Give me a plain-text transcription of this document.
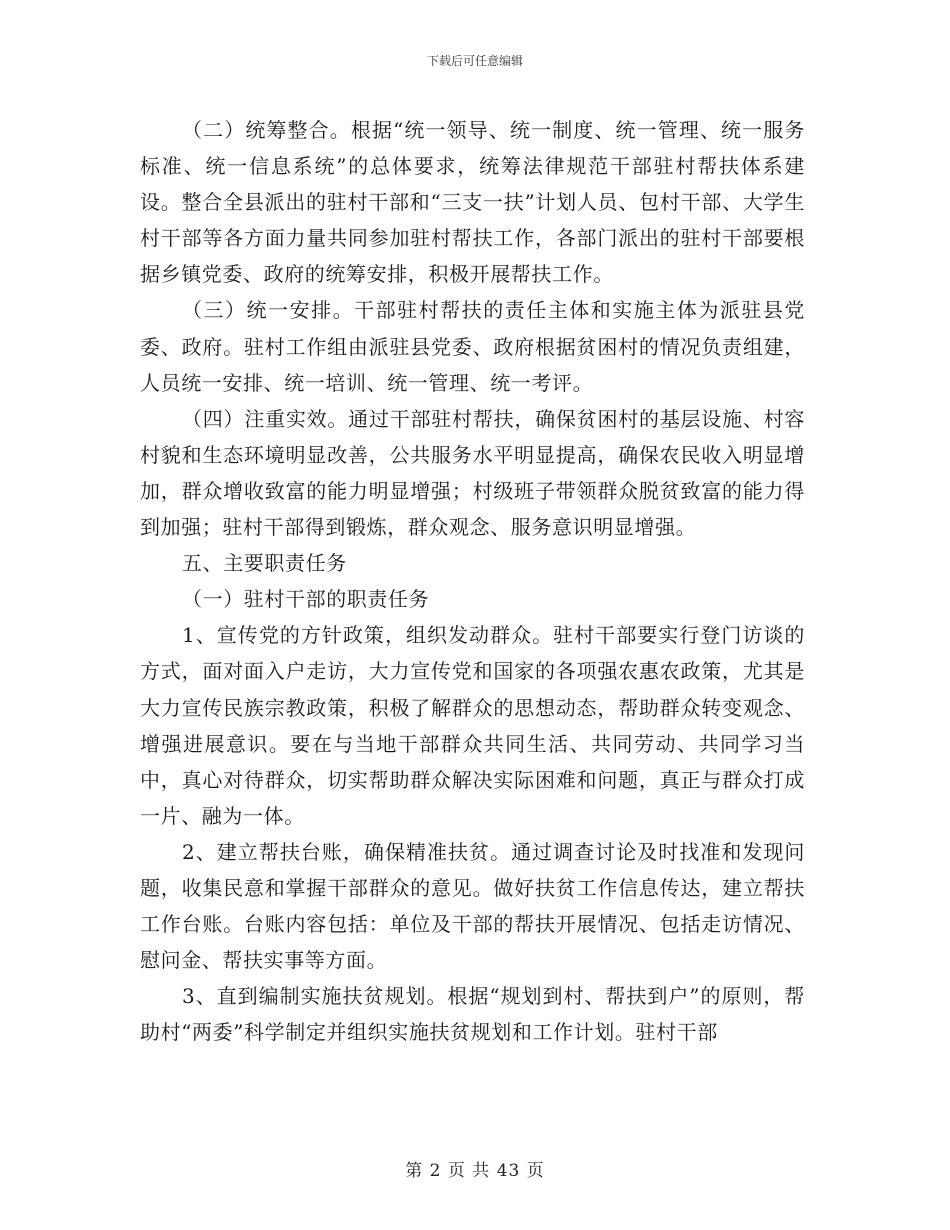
下载后可任意编辑

（二）统筹整合。根据“统一领导、统一制度、统一管理、统一服务标准、统一信息系统”的总体要求，统筹法律规范干部驻村帮扶体系建设。整合全县派出的驻村干部和“三支一扶”计划人员、包村干部、大学生村干部等各方面力量共同参加驻村帮扶工作，各部门派出的驻村干部要根据乡镇党委、政府的统筹安排，积极开展帮扶工作。

（三）统一安排。干部驻村帮扶的责任主体和实施主体为派驻县党委、政府。驻村工作组由派驻县党委、政府根据贫困村的情况负责组建，人员统一安排、统一培训、统一管理、统一考评。

（四）注重实效。通过干部驻村帮扶，确保贫困村的基层设施、村容村貌和生态环境明显改善，公共服务水平明显提高，确保农民收入明显增加，群众增收致富的能力明显增强；村级班子带领群众脱贫致富的能力得到加强；驻村干部得到锻炼，群众观念、服务意识明显增强。

五、主要职责任务

（一）驻村干部的职责任务

1、宣传党的方针政策，组织发动群众。驻村干部要实行登门访谈的方式，面对面入户走访，大力宣传党和国家的各项强农惠农政策，尤其是大力宣传民族宗教政策，积极了解群众的思想动态，帮助群众转变观念、增强进展意识。要在与当地干部群众共同生活、共同劳动、共同学习当中，真心对待群众，切实帮助群众解决实际困难和问题，真正与群众打成一片、融为一体。

2、建立帮扶台账，确保精准扶贫。通过调查讨论及时找准和发现问题，收集民意和掌握干部群众的意见。做好扶贫工作信息传达，建立帮扶工作台账。台账内容包括：单位及干部的帮扶开展情况、包括走访情况、慰问金、帮扶实事等方面。

3、直到编制实施扶贫规划。根据“规划到村、帮扶到户”的原则，帮助村“两委”科学制定并组织实施扶贫规划和工作计划。驻村干部

第 2 页 共 43 页
